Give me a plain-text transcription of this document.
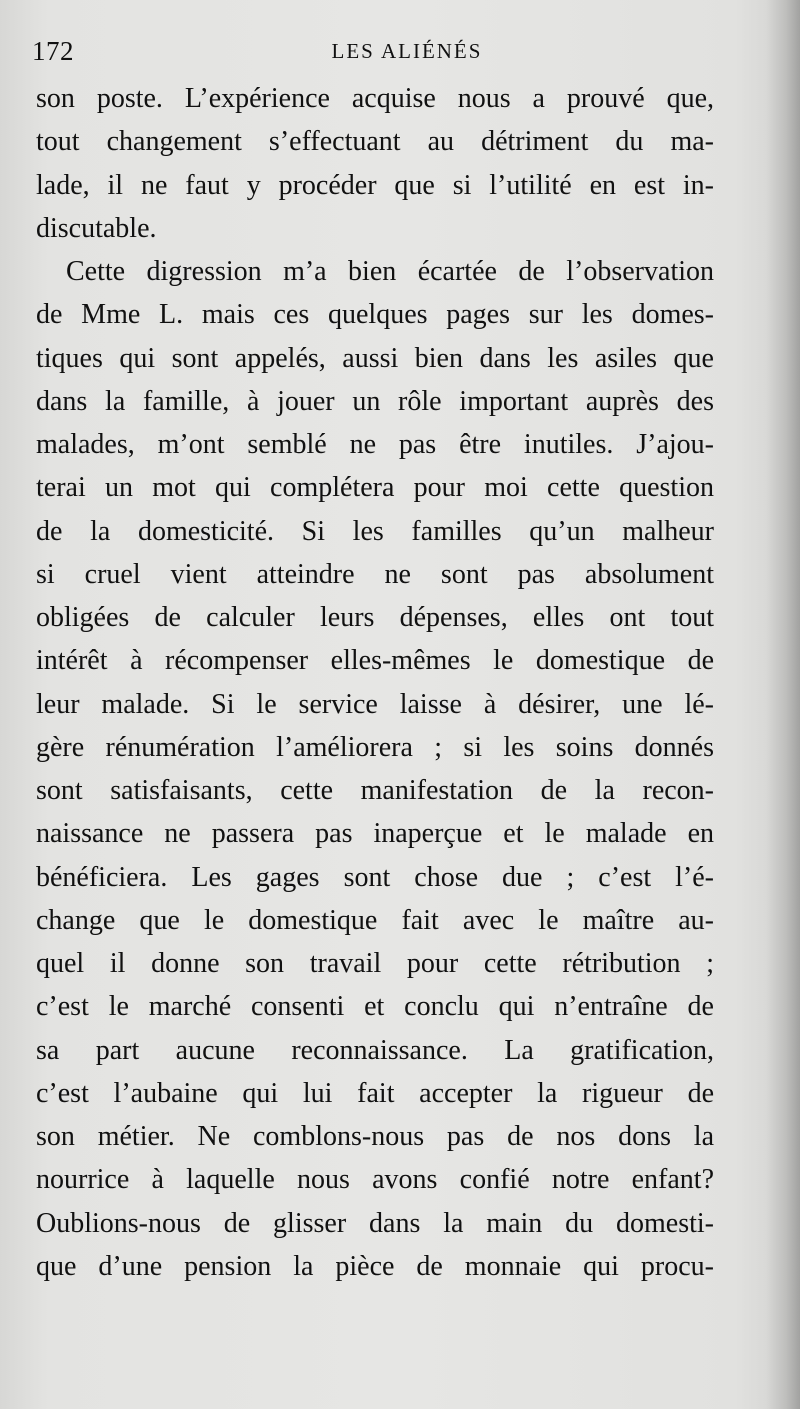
172	LES ALIÉNÉS
son poste. L’expérience acquise nous a prouvé que,
tout changement s’effectuant au détriment du ma-
lade, il ne faut y procéder que si l’utilité en est in-
discutable.
Cette digression m’a bien écartée de l’observation
de Mme L. mais ces quelques pages sur les domes-
tiques qui sont appelés, aussi bien dans les asiles que
dans la famille, à jouer un rôle important auprès des
malades, m’ont semblé ne pas être inutiles. J’ajou-
terai un mot qui complétera pour moi cette question
de la domesticité. Si les familles qu’un malheur
si cruel vient atteindre ne sont pas absolument
obligées de calculer leurs dépenses, elles ont tout
intérêt à récompenser elles-mêmes le domestique de
leur malade. Si le service laisse à désirer, une lé-
gère rénumération l’améliorera ; si les soins donnés
sont satisfaisants, cette manifestation de la recon-
naissance ne passera pas inaperçue et le malade en
bénéficiera. Les gages sont chose due ; c’est l’é-
change que le domestique fait avec le maître au-
quel il donne son travail pour cette rétribution ;
c’est le marché consenti et conclu qui n’entraîne de
sa part aucune reconnaissance. La gratification,
c’est l’aubaine qui lui fait accepter la rigueur de
son métier. Ne comblons-nous pas de nos dons la
nourrice à laquelle nous avons confié notre enfant?
Oublions-nous de glisser dans la main du domesti-
que d’une pension la pièce de monnaie qui procu-
